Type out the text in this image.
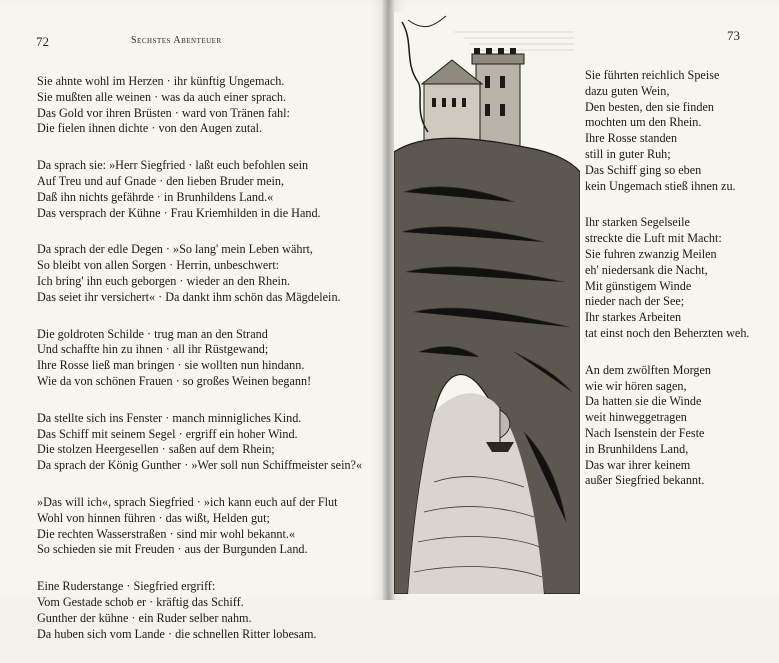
72	Sechstes Abenteuer	73
Sie ahnte wohl im Herzen · ihr künftig Ungemach.
Sie mußten alle weinen · was da auch einer sprach.
Das Gold vor ihren Brüsten · ward von Tränen fahl:
Die fielen ihnen dichte · von den Augen zutal.
Da sprach sie: »Herr Siegfried · laßt euch befohlen sein
Auf Treu und auf Gnade · den lieben Bruder mein,
Daß ihn nichts gefährde · in Brunhildens Land.«
Das versprach der Kühne · Frau Kriemhilden in die Hand.
Da sprach der edle Degen · »So lang' mein Leben währt,
So bleibt von allen Sorgen · Herrin, unbeschwert:
Ich bring' ihn euch geborgen · wieder an den Rhein.
Das seiet ihr versichert« · Da dankt ihm schön das Mägdelein.
Die goldroten Schilde · trug man an den Strand
Und schaffte hin zu ihnen · all ihr Rüstgewand;
Ihre Rosse ließ man bringen · sie wollten nun hindann.
Wie da von schönen Frauen · so großes Weinen begann!
Da stellte sich ins Fenster · manch minnigliches Kind.
Das Schiff mit seinem Segel · ergriff ein hoher Wind.
Die stolzen Heergesellen · saßen auf dem Rhein;
Da sprach der König Gunther · »Wer soll nun Schiffmeister sein?«
»Das will ich«, sprach Siegfried · »ich kann euch auf der Flut
Wohl von hinnen führen · das wißt, Helden gut;
Die rechten Wasserstraßen · sind mir wohl bekannt.«
So schieden sie mit Freuden · aus der Burgunden Land.
Eine Ruderstange · Siegfried ergriff:
Vom Gestade schob er · kräftig das Schiff.
Gunther der kühne · ein Ruder selber nahm.
Da huben sich vom Lande · die schnellen Ritter lobesam.
Sie führten reichlich Speise
dazu guten Wein,
Den besten, den sie finden
mochten um den Rhein.
Ihre Rosse standen
still in guter Ruh;
Das Schiff ging so eben
kein Ungemach stieß ihnen zu.
Ihr starken Segelseile
streckte die Luft mit Macht:
Sie fuhren zwanzig Meilen
eh' niedersank die Nacht,
Mit günstigem Winde
nieder nach der See;
Ihr starkes Arbeiten
tat einst noch den Beherzten weh.
An dem zwölften Morgen
wie wir hören sagen,
Da hatten sie die Winde
weit hinweggetragen
Nach Isenstein der Feste
in Brunhildens Land,
Das war ihrer keinem
außer Siegfried bekannt.
